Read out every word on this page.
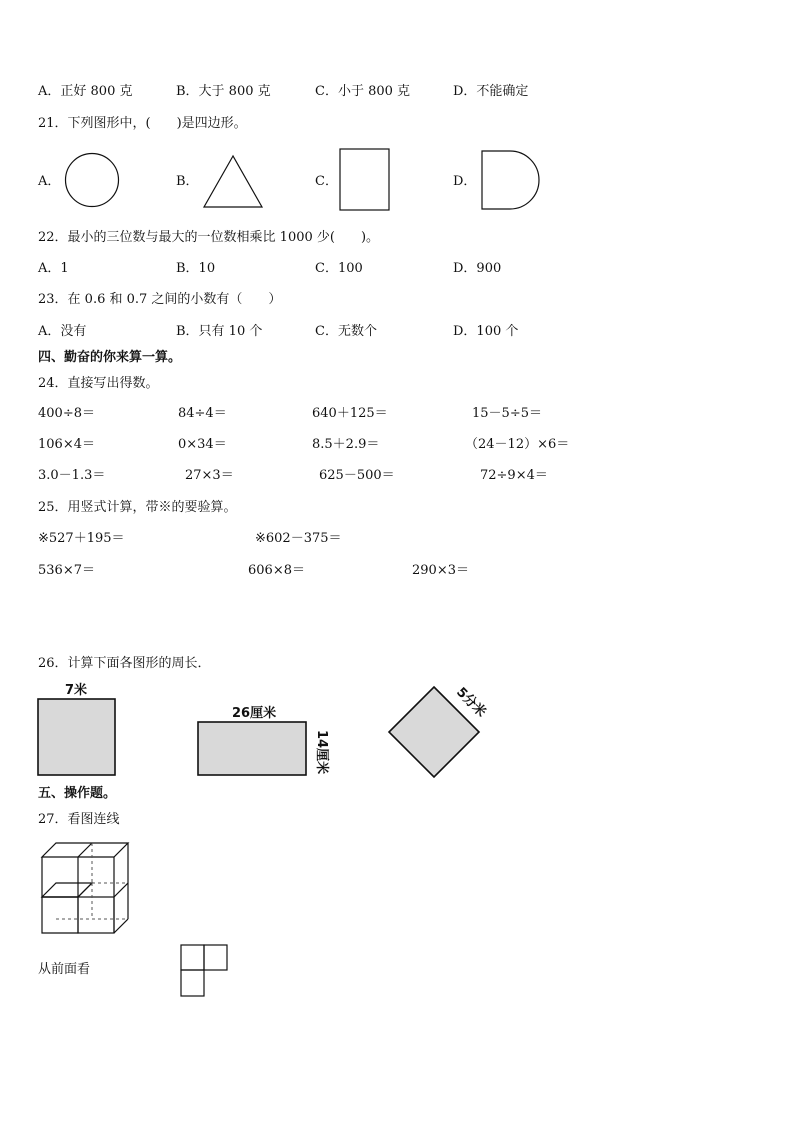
A．正好 800 克	B．大于 800 克	C．小于 800 克	D．不能确定
21．下列图形中，(　　)是四边形。
A．	B．	C．	D．
22．最小的三位数与最大的一位数相乘比 1000 少(　　)。
A．1	B．10	C．100	D．900
23．在 0.6 和 0.7 之间的小数有（　　）
A．没有	B．只有 10 个	C．无数个	D．100 个
四、勤奋的你来算一算。
24．直接写出得数。
400÷8＝	84÷4＝	640＋125＝	15－5÷5＝
106×4＝	0×34＝	8.5＋2.9＝	（24－12）×6＝
3.0－1.3＝	27×3＝	625－500＝	72÷9×4＝
25．用竖式计算，带※的要验算。
※527＋195＝	※602－375＝
536×7＝	606×8＝	290×3＝
26．计算下面各图形的周长．
7米
26厘米
14厘米
5分米
五、操作题。
27．看图连线
从前面看
